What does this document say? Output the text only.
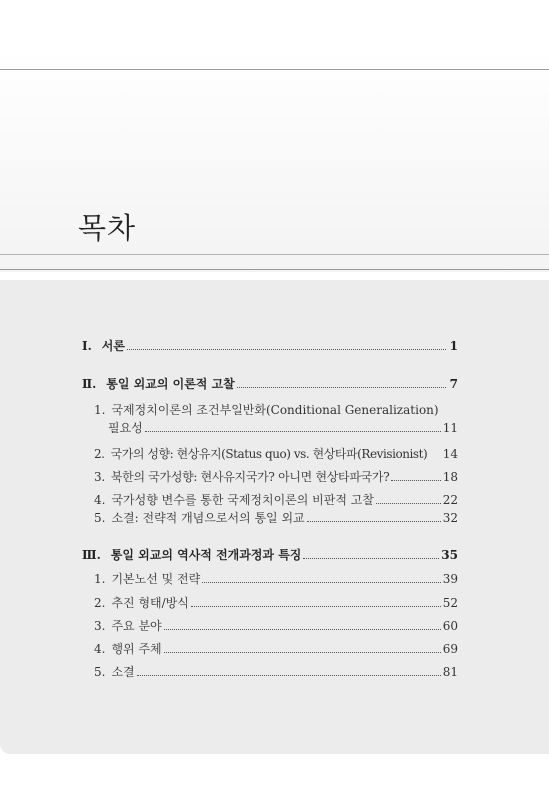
목차
Ⅰ. 서론	1
Ⅱ. 통일 외교의 이론적 고찰	7
1. 국제정치이론의 조건부일반화(Conditional Generalization)
필요성	11
2. 국가의 성향: 현상유지(Status quo) vs. 현상타파(Revisionist) 14
3. 북한의 국가성향: 현사유지국가? 아니면 현상타파국가?	18
4. 국가성향 변수를 통한 국제정치이론의 비판적 고찰	22
5. 소결: 전략적 개념으로서의 통일 외교	32
Ⅲ. 통일 외교의 역사적 전개과정과 특징	35
1. 기본노선 및 전략	39
2. 추진 형태/방식	52
3. 주요 분야	60
4. 행위 주체	69
5. 소결	81
